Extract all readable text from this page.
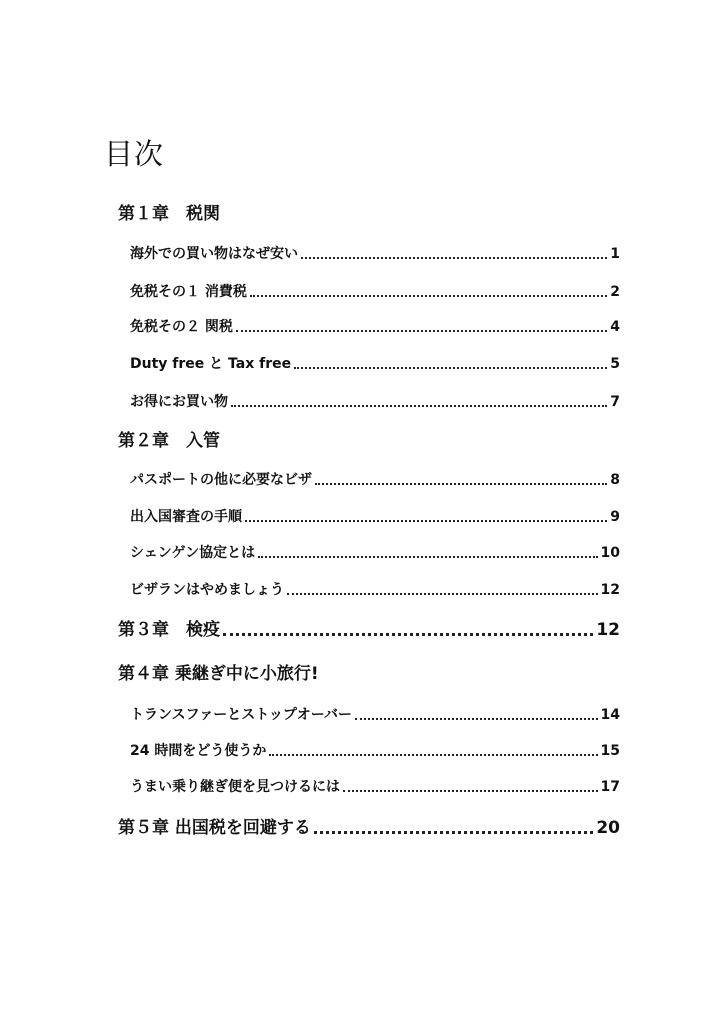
目次
第１章　税関
海外での買い物はなぜ安い	1
免税その１ 消費税	2
免税その２ 関税	4
Duty free と Tax free	5
お得にお買い物	7
第２章　入管
パスポートの他に必要なビザ	8
出入国審査の手順	9
シェンゲン協定とは	10
ビザランはやめましょう	12
第３章　検疫	12
第４章 乗継ぎ中に小旅行!
トランスファーとストップオーバー	14
24 時間をどう使うか	15
うまい乗り継ぎ便を見つけるには	17
第５章 出国税を回避する	20
